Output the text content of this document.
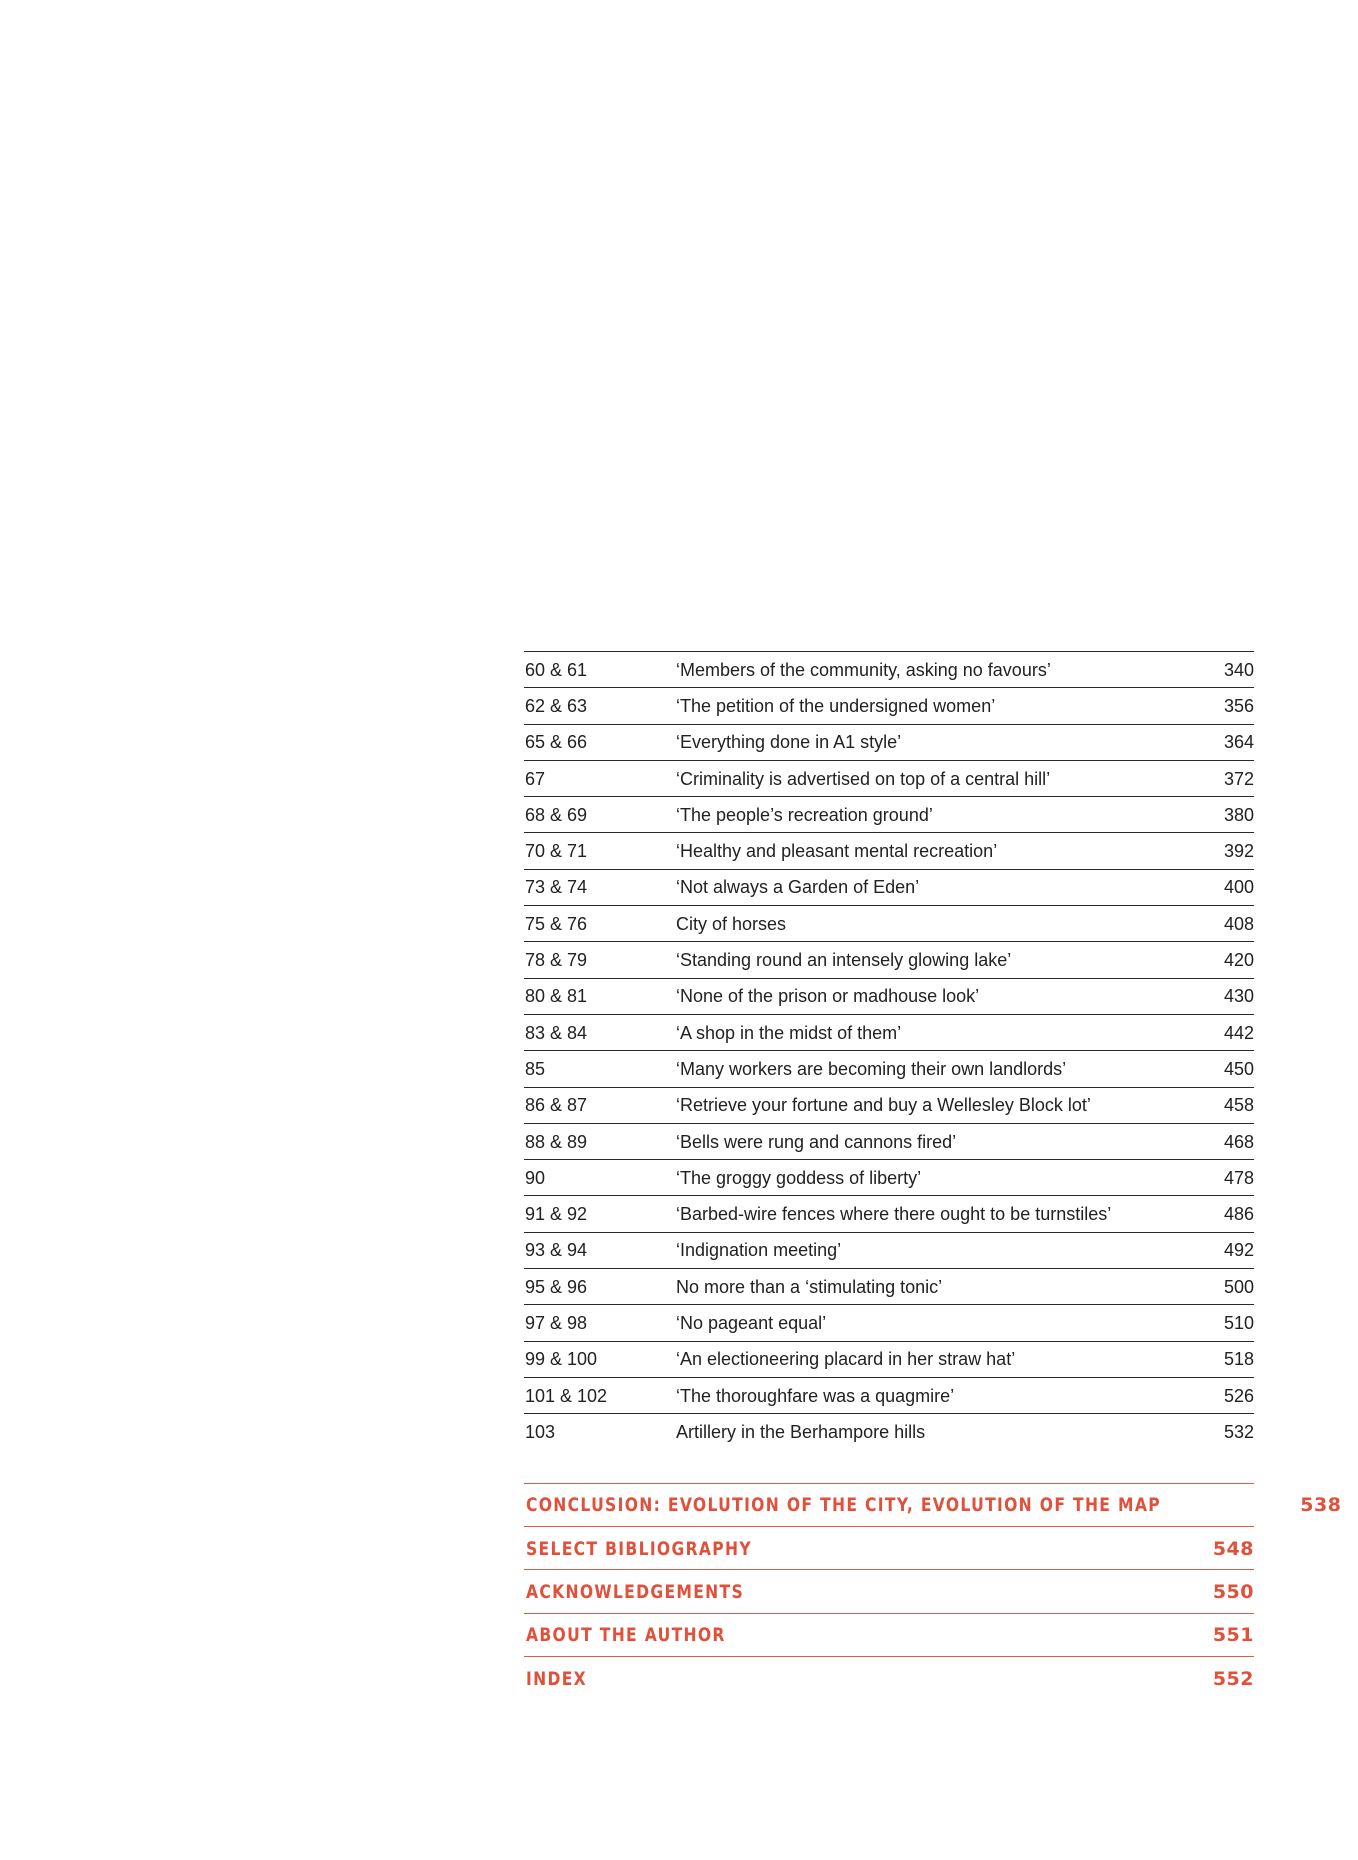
60 & 61	‘Members of the community, asking no favours’	340
62 & 63	‘The petition of the undersigned women’	356
65 & 66	‘Everything done in A1 style’	364
67	‘Criminality is advertised on top of a central hill’	372
68 & 69	‘The people’s recreation ground’	380
70 & 71	‘Healthy and pleasant mental recreation’	392
73 & 74	‘Not always a Garden of Eden’	400
75 & 76	City of horses	408
78 & 79	‘Standing round an intensely glowing lake’	420
80 & 81	‘None of the prison or madhouse look’	430
83 & 84	‘A shop in the midst of them’	442
85	‘Many workers are becoming their own landlords’	450
86 & 87	‘Retrieve your fortune and buy a Wellesley Block lot’	458
88 & 89	‘Bells were rung and cannons fired’	468
90	‘The groggy goddess of liberty’	478
91 & 92	‘Barbed-wire fences where there ought to be turnstiles’	486
93 & 94	‘Indignation meeting’	492
95 & 96	No more than a ‘stimulating tonic’	500
97 & 98	‘No pageant equal’	510
99 & 100	‘An electioneering placard in her straw hat’	518
101 & 102	‘The thoroughfare was a quagmire’	526
103	Artillery in the Berhampore hills	532
CONCLUSION: EVOLUTION OF THE CITY, EVOLUTION OF THE MAP	538
SELECT BIBLIOGRAPHY	548
ACKNOWLEDGEMENTS	550
ABOUT THE AUTHOR	551
INDEX	552
